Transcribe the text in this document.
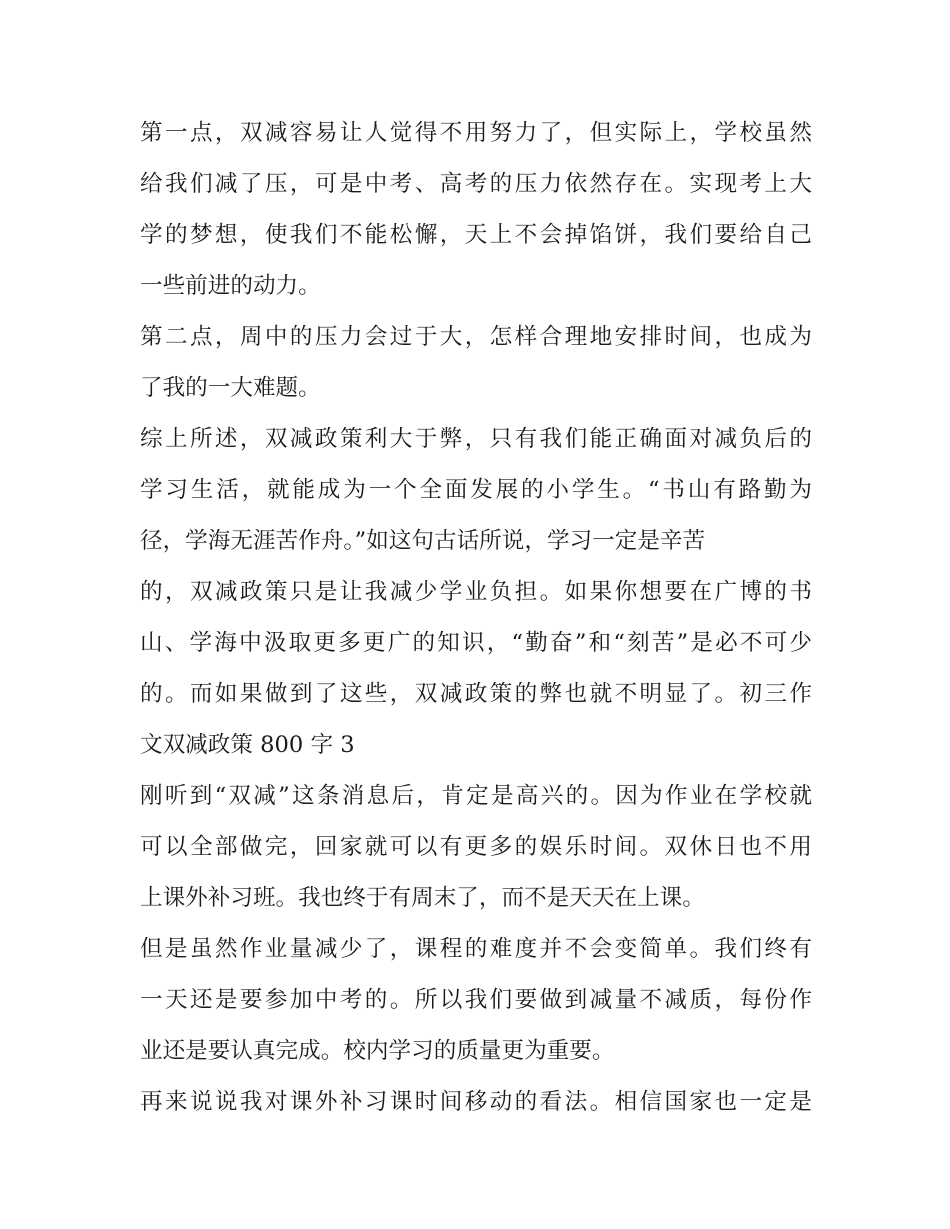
第一点，双减容易让人觉得不用努力了，但实际上，学校虽然
给我们减了压，可是中考、高考的压力依然存在。实现考上大
学的梦想，使我们不能松懈，天上不会掉馅饼，我们要给自己
一些前进的动力。
第二点，周中的压力会过于大，怎样合理地安排时间，也成为
了我的一大难题。
综上所述，双减政策利大于弊，只有我们能正确面对减负后的
学习生活，就能成为一个全面发展的小学生。“书山有路勤为
径，学海无涯苦作舟。”如这句古话所说，学习一定是辛苦
的，双减政策只是让我减少学业负担。如果你想要在广博的书
山、学海中汲取更多更广的知识，“勤奋”和“刻苦”是必不可少
的。而如果做到了这些，双减政策的弊也就不明显了。初三作
文双减政策 800 字 3
刚听到“双减”这条消息后，肯定是高兴的。因为作业在学校就
可以全部做完，回家就可以有更多的娱乐时间。双休日也不用
上课外补习班。我也终于有周末了，而不是天天在上课。
但是虽然作业量减少了，课程的难度并不会变简单。我们终有
一天还是要参加中考的。所以我们要做到减量不减质，每份作
业还是要认真完成。校内学习的质量更为重要。
再来说说我对课外补习课时间移动的看法。相信国家也一定是
